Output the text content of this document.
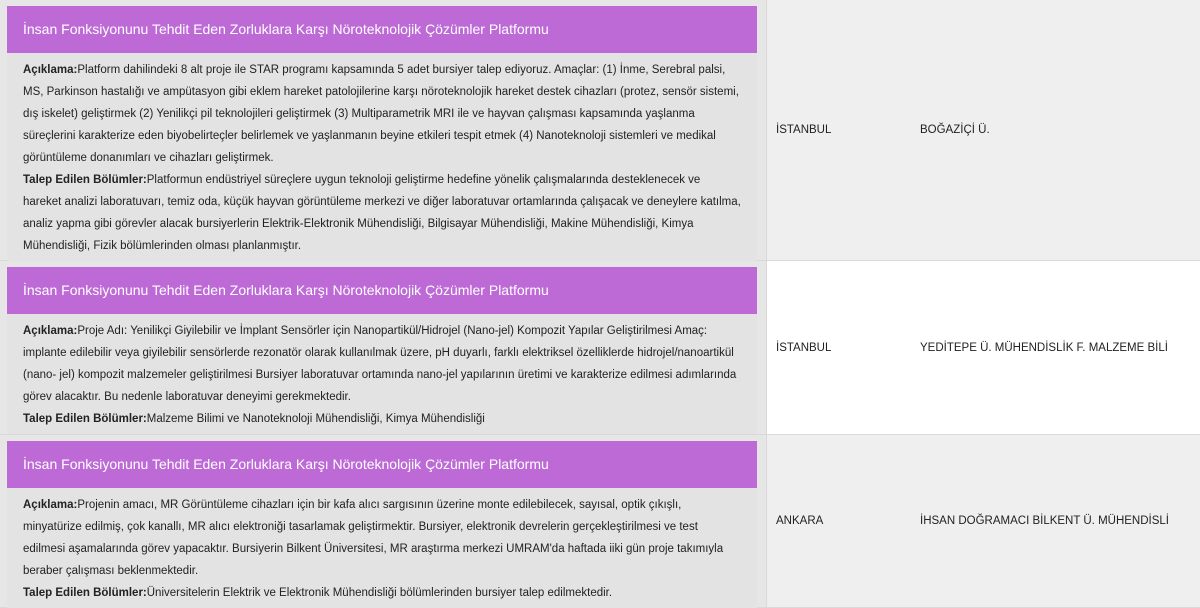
İnsan Fonksiyonunu Tehdit Eden Zorluklara Karşı Nöroteknolojik Çözümler Platformu
Açıklama:Platform dahilindeki 8 alt proje ile STAR programı kapsamında 5 adet bursiyer talep ediyoruz. Amaçlar: (1) İnme, Serebral palsi, MS, Parkinson hastalığı ve ampütasyon gibi eklem hareket patolojilerine karşı nöroteknolojik hareket destek cihazları (protez, sensör sistemi, dış iskelet) geliştirmek (2) Yenilikçi pil teknolojileri geliştirmek (3) Multiparametrik MRI ile ve hayvan çalışması kapsamında yaşlanma süreçlerini karakterize eden biyobelirteçler belirlemek ve yaşlanmanın beyine etkileri tespit etmek (4) Nanoteknoloji sistemleri ve medikal görüntüleme donanımları ve cihazları geliştirmek.
Talep Edilen Bölümler:Platformun endüstriyel süreçlere uygun teknoloji geliştirme hedefine yönelik çalışmalarında desteklenecek ve hareket analizi laboratuvarı, temiz oda, küçük hayvan görüntüleme merkezi ve diğer laboratuvar ortamlarında çalışacak ve deneylere katılma, analiz yapma gibi görevler alacak bursiyerlerin Elektrik-Elektronik Mühendisliği, Bilgisayar Mühendisliği, Makine Mühendisliği, Kimya Mühendisliği, Fizik bölümlerinden olması planlanmıştır.
İSTANBUL	BOĞAZİÇİ Ü.
İnsan Fonksiyonunu Tehdit Eden Zorluklara Karşı Nöroteknolojik Çözümler Platformu
Açıklama:Proje Adı: Yenilikçi Giyilebilir ve İmplant Sensörler için Nanopartikül/Hidrojel (Nano-jel) Kompozit Yapılar Geliştirilmesi Amaç: implante edilebilir veya giyilebilir sensörlerde rezonatör olarak kullanılmak üzere, pH duyarlı, farklı elektriksel özelliklerde hidrojel/nanoartikül (nano- jel) kompozit malzemeler geliştirilmesi Bursiyer laboratuvar ortamında nano-jel yapılarının üretimi ve karakterize edilmesi adımlarında görev alacaktır. Bu nedenle laboratuvar deneyimi gerekmektedir.
Talep Edilen Bölümler:Malzeme Bilimi ve Nanoteknoloji Mühendisliği, Kimya Mühendisliği
İSTANBUL	YEDİTEPE Ü. MÜHENDİSLİK F. MALZEME BİLİ
İnsan Fonksiyonunu Tehdit Eden Zorluklara Karşı Nöroteknolojik Çözümler Platformu
Açıklama:Projenin amacı, MR Görüntüleme cihazları için bir kafa alıcı sargısının üzerine monte edilebilecek, sayısal, optik çıkışlı, minyatürize edilmiş, çok kanallı, MR alıcı elektroniği tasarlamak geliştirmektir. Bursiyer, elektronik devrelerin gerçekleştirilmesi ve test edilmesi aşamalarında görev yapacaktır. Bursiyerin Bilkent Üniversitesi, MR araştırma merkezi UMRAM'da haftada iiki gün proje takımıyla beraber çalışması beklenmektedir.
Talep Edilen Bölümler:Üniversitelerin Elektrik ve Elektronik Mühendisliği bölümlerinden bursiyer talep edilmektedir.
ANKARA	İHSAN DOĞRAMACI BİLKENT Ü. MÜHENDİSLİ
